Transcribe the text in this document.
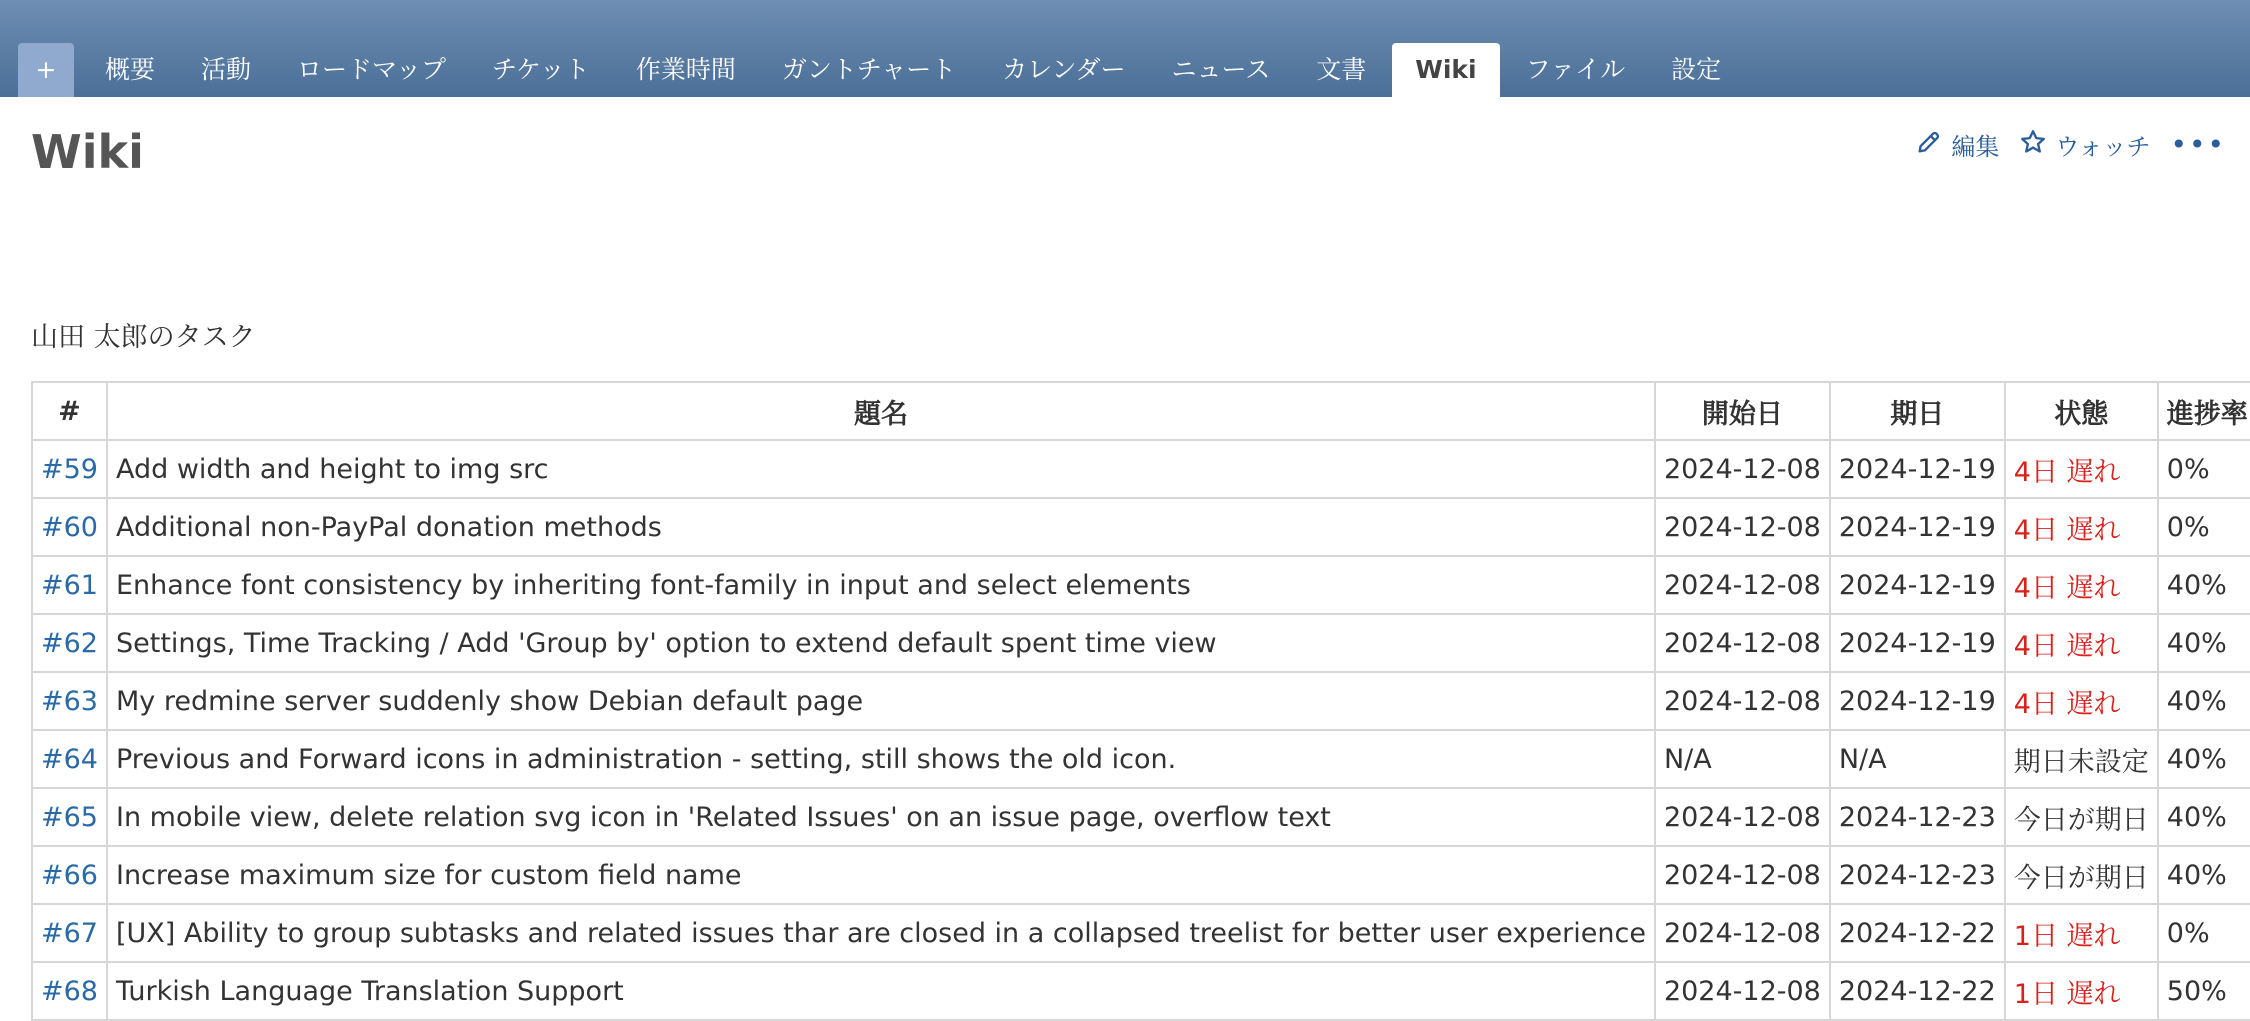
+	概要	活動	ロードマップ	チケット	作業時間	ガントチャート	カレンダー	ニュース	文書	Wiki	ファイル	設定
Wiki	編集 ウォッチ •••
山田 太郎のタスク
#	題名	開始日	期日	状態	進捗率
#59	Add width and height to img src	2024-12-08	2024-12-19	4日 遅れ	0%
#60	Additional non-PayPal donation methods	2024-12-08	2024-12-19	4日 遅れ	0%
#61	Enhance font consistency by inheriting font-family in input and select elements	2024-12-08	2024-12-19	4日 遅れ	40%
#62	Settings, Time Tracking / Add 'Group by' option to extend default spent time view	2024-12-08	2024-12-19	4日 遅れ	40%
#63	My redmine server suddenly show Debian default page	2024-12-08	2024-12-19	4日 遅れ	40%
#64	Previous and Forward icons in administration - setting, still shows the old icon.	N/A	N/A	期日未設定	40%
#65	In mobile view, delete relation svg icon in 'Related Issues' on an issue page, overflow text	2024-12-08	2024-12-23	今日が期日	40%
#66	Increase maximum size for custom field name	2024-12-08	2024-12-23	今日が期日	40%
#67	[UX] Ability to group subtasks and related issues thar are closed in a collapsed treelist for better user experience	2024-12-08	2024-12-22	1日 遅れ	0%
#68	Turkish Language Translation Support	2024-12-08	2024-12-22	1日 遅れ	50%
